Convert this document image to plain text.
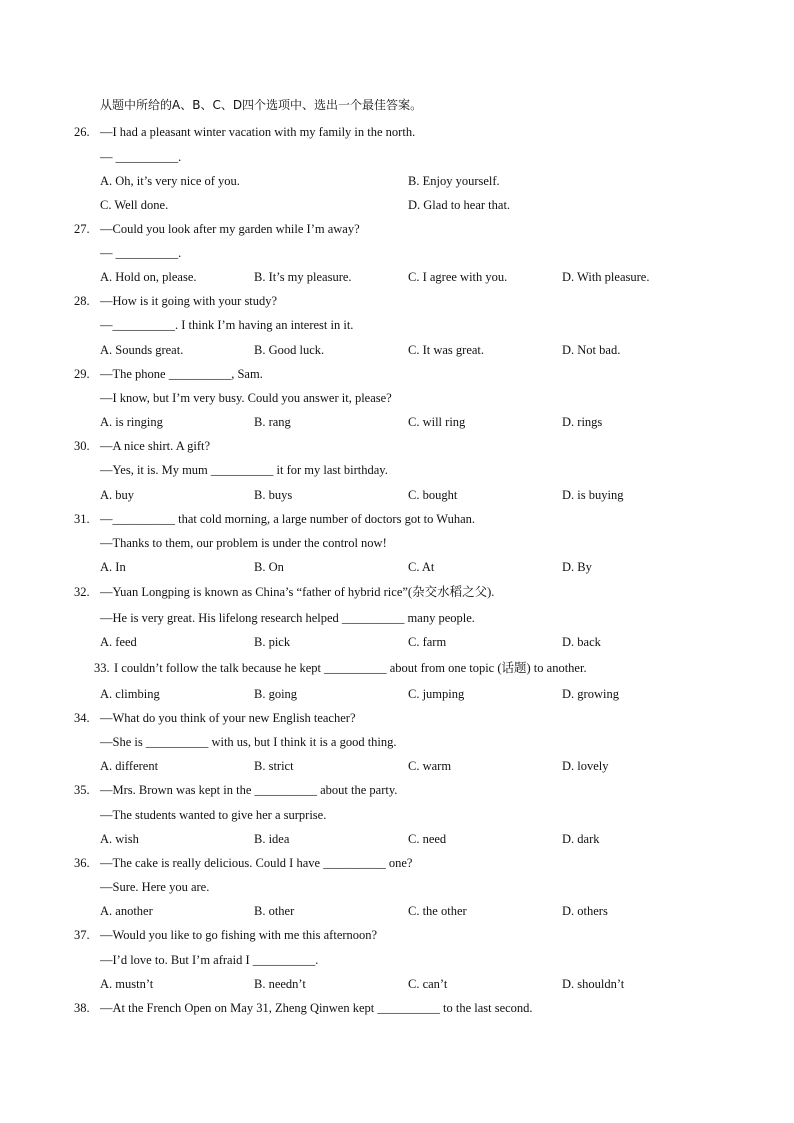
从题中所给的A、B、C、D四个选项中、选出一个最佳答案。
26. —I had a pleasant winter vacation with my family in the north.
— __________.
A. Oh, it’s very nice of you.	B. Enjoy yourself.
C. Well done.	D. Glad to hear that.
27. —Could you look after my garden while I’m away?
— __________.
A. Hold on, please.	B. It’s my pleasure.	C. I agree with you.	D. With pleasure.
28. —How is it going with your study?
—__________. I think I’m having an interest in it.
A. Sounds great.	B. Good luck.	C. It was great.	D. Not bad.
29. —The phone __________, Sam.
—I know, but I’m very busy. Could you answer it, please?
A. is ringing	B. rang	C. will ring	D. rings
30. —A nice shirt. A gift?
—Yes, it is. My mum __________ it for my last birthday.
A. buy	B. buys	C. bought	D. is buying
31. —__________ that cold morning, a large number of doctors got to Wuhan.
—Thanks to them, our problem is under the control now!
A. In	B. On	C. At	D. By
32. —Yuan Longping is known as China’s “father of hybrid rice”(杂交水稻之父).
—He is very great. His lifelong research helped __________ many people.
A. feed	B. pick	C. farm	D. back
33. I couldn’t follow the talk because he kept __________ about from one topic (话题) to another.
A. climbing	B. going	C. jumping	D. growing
34. —What do you think of your new English teacher?
—She is __________ with us, but I think it is a good thing.
A. different	B. strict	C. warm	D. lovely
35. —Mrs. Brown was kept in the __________ about the party.
—The students wanted to give her a surprise.
A. wish	B. idea	C. need	D. dark
36. —The cake is really delicious. Could I have __________ one?
—Sure. Here you are.
A. another	B. other	C. the other	D. others
37. —Would you like to go fishing with me this afternoon?
—I’d love to. But I’m afraid I __________.
A. mustn’t	B. needn’t	C. can’t	D. shouldn’t
38. —At the French Open on May 31, Zheng Qinwen kept __________ to the last second.
